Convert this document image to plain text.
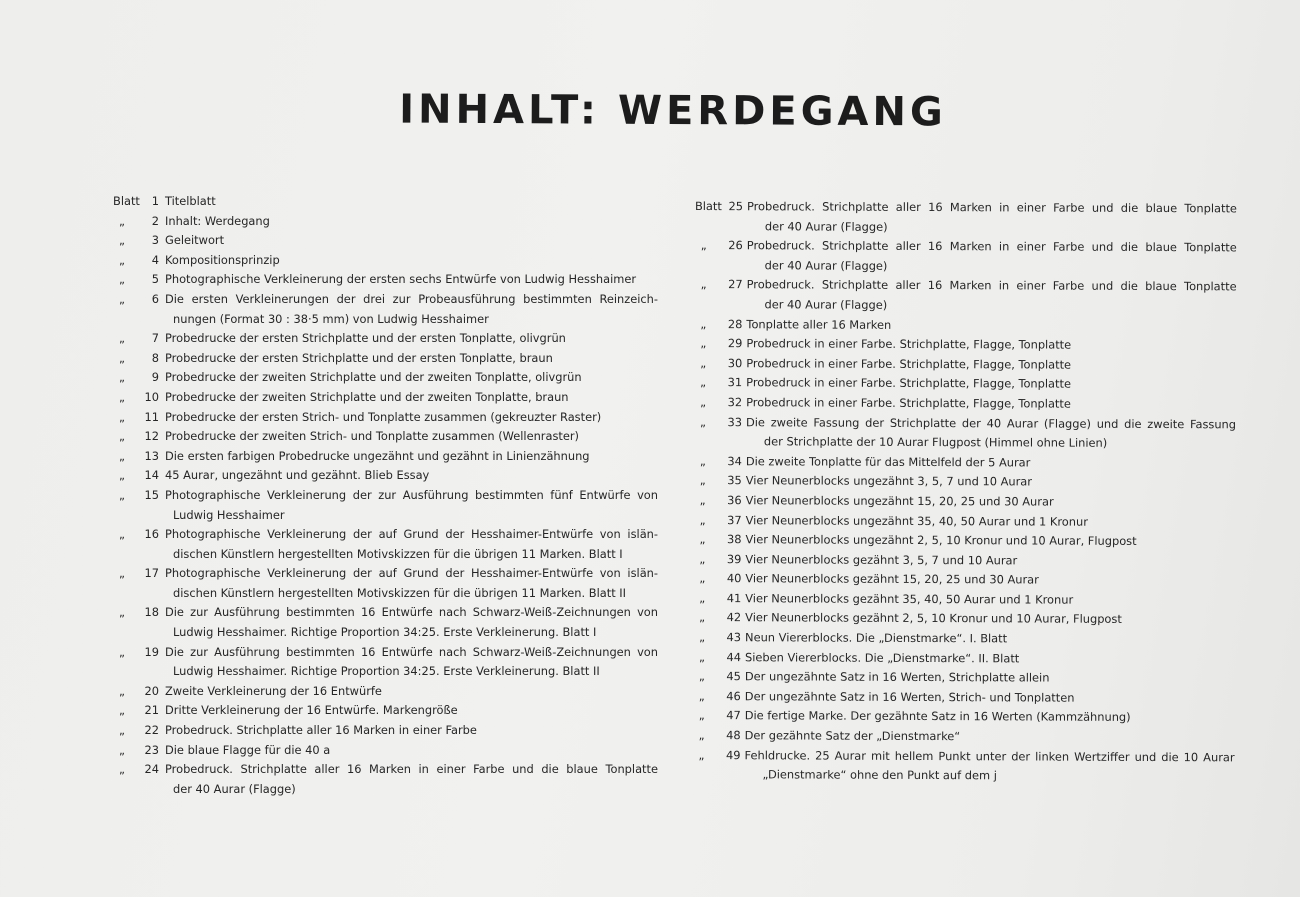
INHALT: WERDEGANG
Blatt	1 Titelblatt
„	2 Inhalt: Werdegang
„	3 Geleitwort
„	4 Kompositionsprinzip
„	5 Photographische Verkleinerung der ersten sechs Entwürfe von Ludwig Hesshaimer
„	6 Die ersten Verkleinerungen der drei zur Probeausführung bestimmten Reinzeich-
nungen (Format 30 : 38·5 mm) von Ludwig Hesshaimer
„	7 Probedrucke der ersten Strichplatte und der ersten Tonplatte, olivgrün
„	8 Probedrucke der ersten Strichplatte und der ersten Tonplatte, braun
„	9 Probedrucke der zweiten Strichplatte und der zweiten Tonplatte, olivgrün
„	10 Probedrucke der zweiten Strichplatte und der zweiten Tonplatte, braun
„	11 Probedrucke der ersten Strich- und Tonplatte zusammen (gekreuzter Raster)
„	12 Probedrucke der zweiten Strich- und Tonplatte zusammen (Wellenraster)
„	13 Die ersten farbigen Probedrucke ungezähnt und gezähnt in Linienzähnung
„	14 45 Aurar, ungezähnt und gezähnt. Blieb Essay
„	15 Photographische Verkleinerung der zur Ausführung bestimmten fünf Entwürfe von
Ludwig Hesshaimer
„	16 Photographische Verkleinerung der auf Grund der Hesshaimer-Entwürfe von islän-
dischen Künstlern hergestellten Motivskizzen für die übrigen 11 Marken. Blatt I
„	17 Photographische Verkleinerung der auf Grund der Hesshaimer-Entwürfe von islän-
dischen Künstlern hergestellten Motivskizzen für die übrigen 11 Marken. Blatt II
„	18 Die zur Ausführung bestimmten 16 Entwürfe nach Schwarz-Weiß-Zeichnungen von
Ludwig Hesshaimer. Richtige Proportion 34:25. Erste Verkleinerung. Blatt I
„	19 Die zur Ausführung bestimmten 16 Entwürfe nach Schwarz-Weiß-Zeichnungen von
Ludwig Hesshaimer. Richtige Proportion 34:25. Erste Verkleinerung. Blatt II
„	20 Zweite Verkleinerung der 16 Entwürfe
„	21 Dritte Verkleinerung der 16 Entwürfe. Markengröße
„	22 Probedruck. Strichplatte aller 16 Marken in einer Farbe
„	23 Die blaue Flagge für die 40 a
„	24 Probedruck. Strichplatte aller 16 Marken in einer Farbe und die blaue Tonplatte
der 40 Aurar (Flagge)
Blatt 25 Probedruck. Strichplatte aller 16 Marken in einer Farbe und die blaue Tonplatte
der 40 Aurar (Flagge)
„	26 Probedruck. Strichplatte aller 16 Marken in einer Farbe und die blaue Tonplatte
der 40 Aurar (Flagge)
„	27 Probedruck. Strichplatte aller 16 Marken in einer Farbe und die blaue Tonplatte
der 40 Aurar (Flagge)
„	28 Tonplatte aller 16 Marken
„	29 Probedruck in einer Farbe. Strichplatte, Flagge, Tonplatte
„	30 Probedruck in einer Farbe. Strichplatte, Flagge, Tonplatte
„	31 Probedruck in einer Farbe. Strichplatte, Flagge, Tonplatte
„	32 Probedruck in einer Farbe. Strichplatte, Flagge, Tonplatte
„	33 Die zweite Fassung der Strichplatte der 40 Aurar (Flagge) und die zweite Fassung
der Strichplatte der 10 Aurar Flugpost (Himmel ohne Linien)
„	34 Die zweite Tonplatte für das Mittelfeld der 5 Aurar
„	35 Vier Neunerblocks ungezähnt 3, 5, 7 und 10 Aurar
„	36 Vier Neunerblocks ungezähnt 15, 20, 25 und 30 Aurar
„	37 Vier Neunerblocks ungezähnt 35, 40, 50 Aurar und 1 Kronur
„	38 Vier Neunerblocks ungezähnt 2, 5, 10 Kronur und 10 Aurar, Flugpost
„	39 Vier Neunerblocks gezähnt 3, 5, 7 und 10 Aurar
„	40 Vier Neunerblocks gezähnt 15, 20, 25 und 30 Aurar
„	41 Vier Neunerblocks gezähnt 35, 40, 50 Aurar und 1 Kronur
„	42 Vier Neunerblocks gezähnt 2, 5, 10 Kronur und 10 Aurar, Flugpost
„	43 Neun Viererblocks. Die „Dienstmarke“. I. Blatt
„	44 Sieben Viererblocks. Die „Dienstmarke“. II. Blatt
„	45 Der ungezähnte Satz in 16 Werten, Strichplatte allein
„	46 Der ungezähnte Satz in 16 Werten, Strich- und Tonplatten
„	47 Die fertige Marke. Der gezähnte Satz in 16 Werten (Kammzähnung)
„	48 Der gezähnte Satz der „Dienstmarke“
„	49 Fehldrucke. 25 Aurar mit hellem Punkt unter der linken Wertziffer und die 10 Aurar
„Dienstmarke“ ohne den Punkt auf dem j
